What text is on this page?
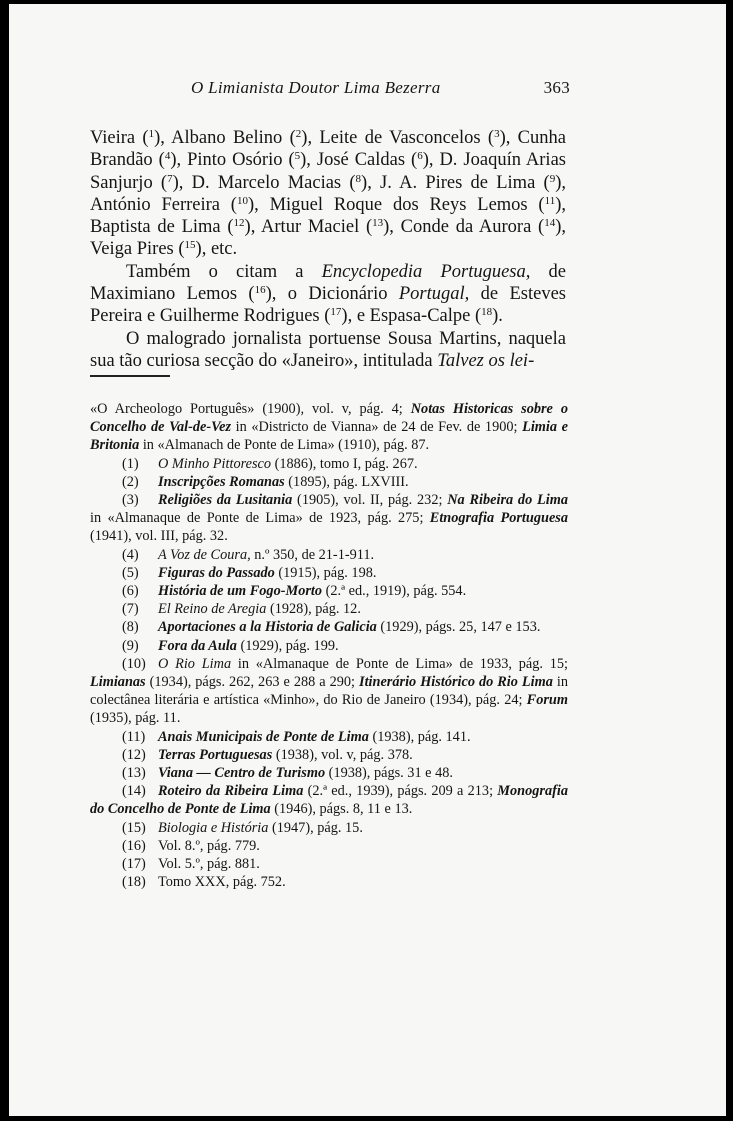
O Limianista Doutor Lima Bezerra	363

Vieira ($^1$), Albano Belino ($^2$), Leite de Vasconcelos ($^3$), Cunha Brandão ($^4$), Pinto Osório ($^5$), José Caldas ($^6$), D. Joaquín Arias Sanjurjo ($^7$), D. Marcelo Macias ($^8$), J. A. Pires de Lima ($^9$), António Ferreira ($^{10}$), Miguel Roque dos Reys Lemos ($^{11}$), Baptista de Lima ($^{12}$), Artur Maciel ($^{13}$), Conde da Aurora ($^{14}$), Veiga Pires ($^{15}$), etc.

Também o citam a Encyclopedia Portuguesa, de Maximiano Lemos ($^{16}$), o Dicionário Portugal, de Esteves Pereira e Guilherme Rodrigues ($^{17}$), e Espasa-Calpe ($^{18}$).

O malogrado jornalista portuense Sousa Martins, naquela sua tão curiosa secção do «Janeiro», intitulada Talvez os lei-

«O Archeologo Português» (1900), vol. v, pág. 4; Notas Historicas sobre o Concelho de Val-de-Vez in «Districto de Vianna» de 24 de Fev. de 1900; Limia e Britonia in «Almanach de Ponte de Lima» (1910), pág. 87.

(1) O Minho Pittoresco (1886), tomo I, pág. 267.

(2) Inscripções Romanas (1895), pág. LXVIII.

(3) Religiões da Lusitania (1905), vol. II, pág. 232; Na Ribeira do Lima in «Almanaque de Ponte de Lima» de 1923, pág. 275; Etnografia Portuguesa (1941), vol. III, pág. 32.

(4) A Voz de Coura, n.º 350, de 21-1-911.

(5) Figuras do Passado (1915), pág. 198.

(6) História de um Fogo-Morto (2.ª ed., 1919), pág. 554.

(7) El Reino de Aregia (1928), pág. 12.

(8) Aportaciones a la Historia de Galicia (1929), págs. 25, 147 e 153.

(9) Fora da Aula (1929), pág. 199.

(10) O Rio Lima in «Almanaque de Ponte de Lima» de 1933, pág. 15; Limianas (1934), págs. 262, 263 e 288 a 290; Itinerário Histórico do Rio Lima in colectânea literária e artística «Minho», do Rio de Janeiro (1934), pág. 24; Forum (1935), pág. 11.

(11) Anais Municipais de Ponte de Lima (1938), pág. 141.

(12) Terras Portuguesas (1938), vol. v, pág. 378.

(13) Viana — Centro de Turismo (1938), págs. 31 e 48.

(14) Roteiro da Ribeira Lima (2.ª ed., 1939), págs. 209 a 213; Monografia do Concelho de Ponte de Lima (1946), págs. 8, 11 e 13.

(15) Biologia e História (1947), pág. 15.

(16) Vol. 8.º, pág. 779.

(17) Vol. 5.º, pág. 881.

(18) Tomo XXX, pág. 752.
